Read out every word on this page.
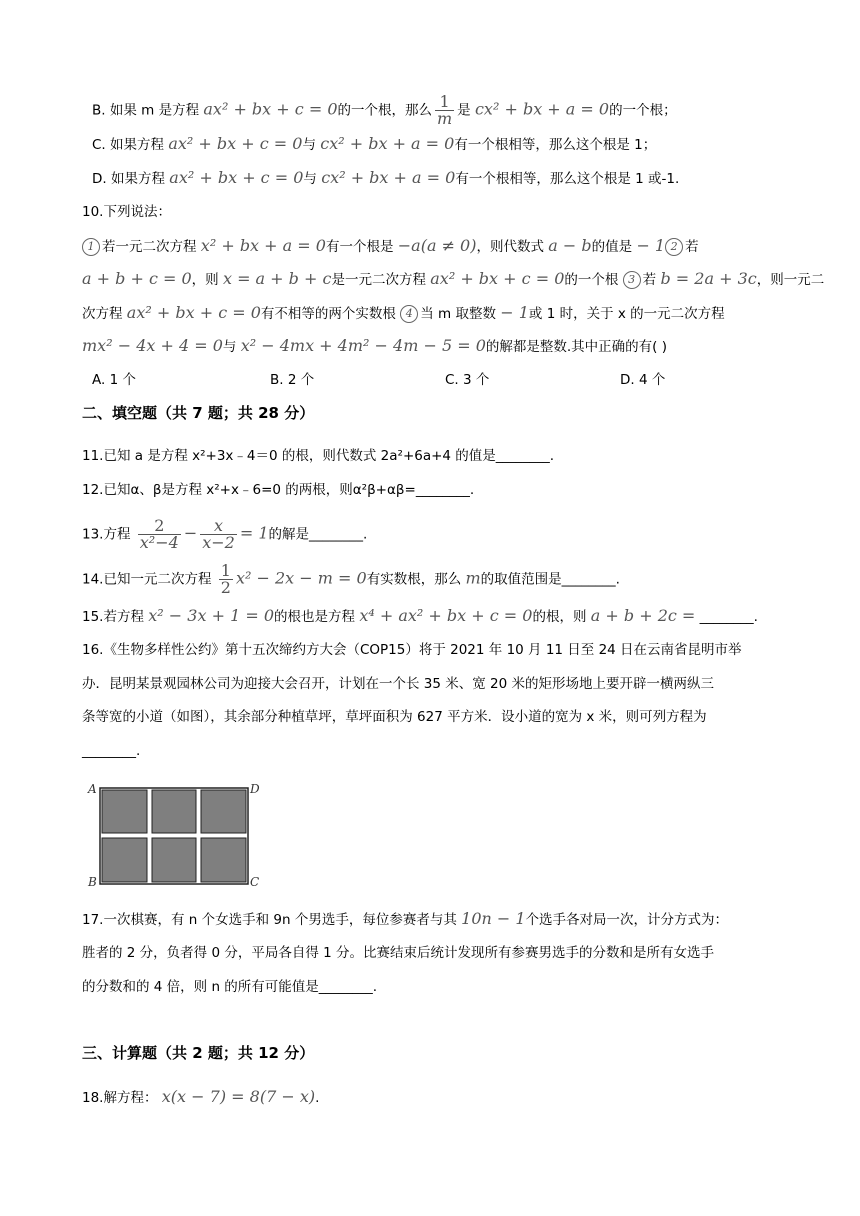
B. 如果 m 是方程 ax² + bx + c = 0的一个根，那么 $\frac{1}{m}$ 是 cx² + bx + a = 0的一个根；
C. 如果方程 ax² + bx + c = 0与 cx² + bx + a = 0有一个根相等，那么这个根是 1；
D. 如果方程 ax² + bx + c = 0与 cx² + bx + a = 0有一个根相等，那么这个根是 1 或-1.
10.下列说法：
1 若一元二次方程 x² + bx + a = 0有一个根是 −a(a ≠ 0)，则代数式 a − b的值是 − 1 2 若
a + b + c = 0，则 x = a + b + c是一元二次方程 ax² + bx + c = 0的一个根 3 若 b = 2a + 3c，则一元二
次方程 ax² + bx + c = 0有不相等的两个实数根 4 当 m 取整数 − 1或 1 时，关于 x 的一元二次方程
mx² − 4x + 4 = 0与 x² − 4mx + 4m² − 4m − 5 = 0的解都是整数.其中正确的有( )
A. 1 个	B. 2 个	C. 3 个	D. 4 个
二、填空题（共 7 题；共 28 分）
11.已知 a 是方程 x²+3x﹣4＝0 的根，则代数式 2a²+6a+4 的值是________.
12.已知α、β是方程 x²+x﹣6=0 的两根，则α²β+αβ=________.
13.方程 $\frac{2}{\text{x²−4}} - \frac{x}{x-2} = 1$的解是________.
14.已知一元二次方程 $\frac{1}{2} x^2 - 2x - m = 0$有实数根，那么 m的取值范围是________.
15.若方程 x² − 3x + 1 = 0的根也是方程 x⁴ + ax² + bx + c = 0的根，则 a + b + 2c = ________.
16.《生物多样性公约》第十五次缔约方大会（COP15）将于 2021 年 10 月 11 日至 24 日在云南省昆明市举
办．昆明某景观园林公司为迎接大会召开，计划在一个长 35 米、宽 20 米的矩形场地上要开辟一横两纵三
条等宽的小道（如图），其余部分种植草坪，草坪面积为 627 平方米．设小道的宽为 x 米，则可列方程为
________.
A	D
B	C
17.一次棋赛，有 n 个女选手和 9n 个男选手，每位参赛者与其 10n − 1个选手各对局一次，计分方式为：
胜者的 2 分，负者得 0 分，平局各自得 1 分。比赛结束后统计发现所有参赛男选手的分数和是所有女选手
的分数和的 4 倍，则 n 的所有可能值是________.
三、计算题（共 2 题；共 12 分）
18.解方程： x(x − 7) = 8(7 − x).
